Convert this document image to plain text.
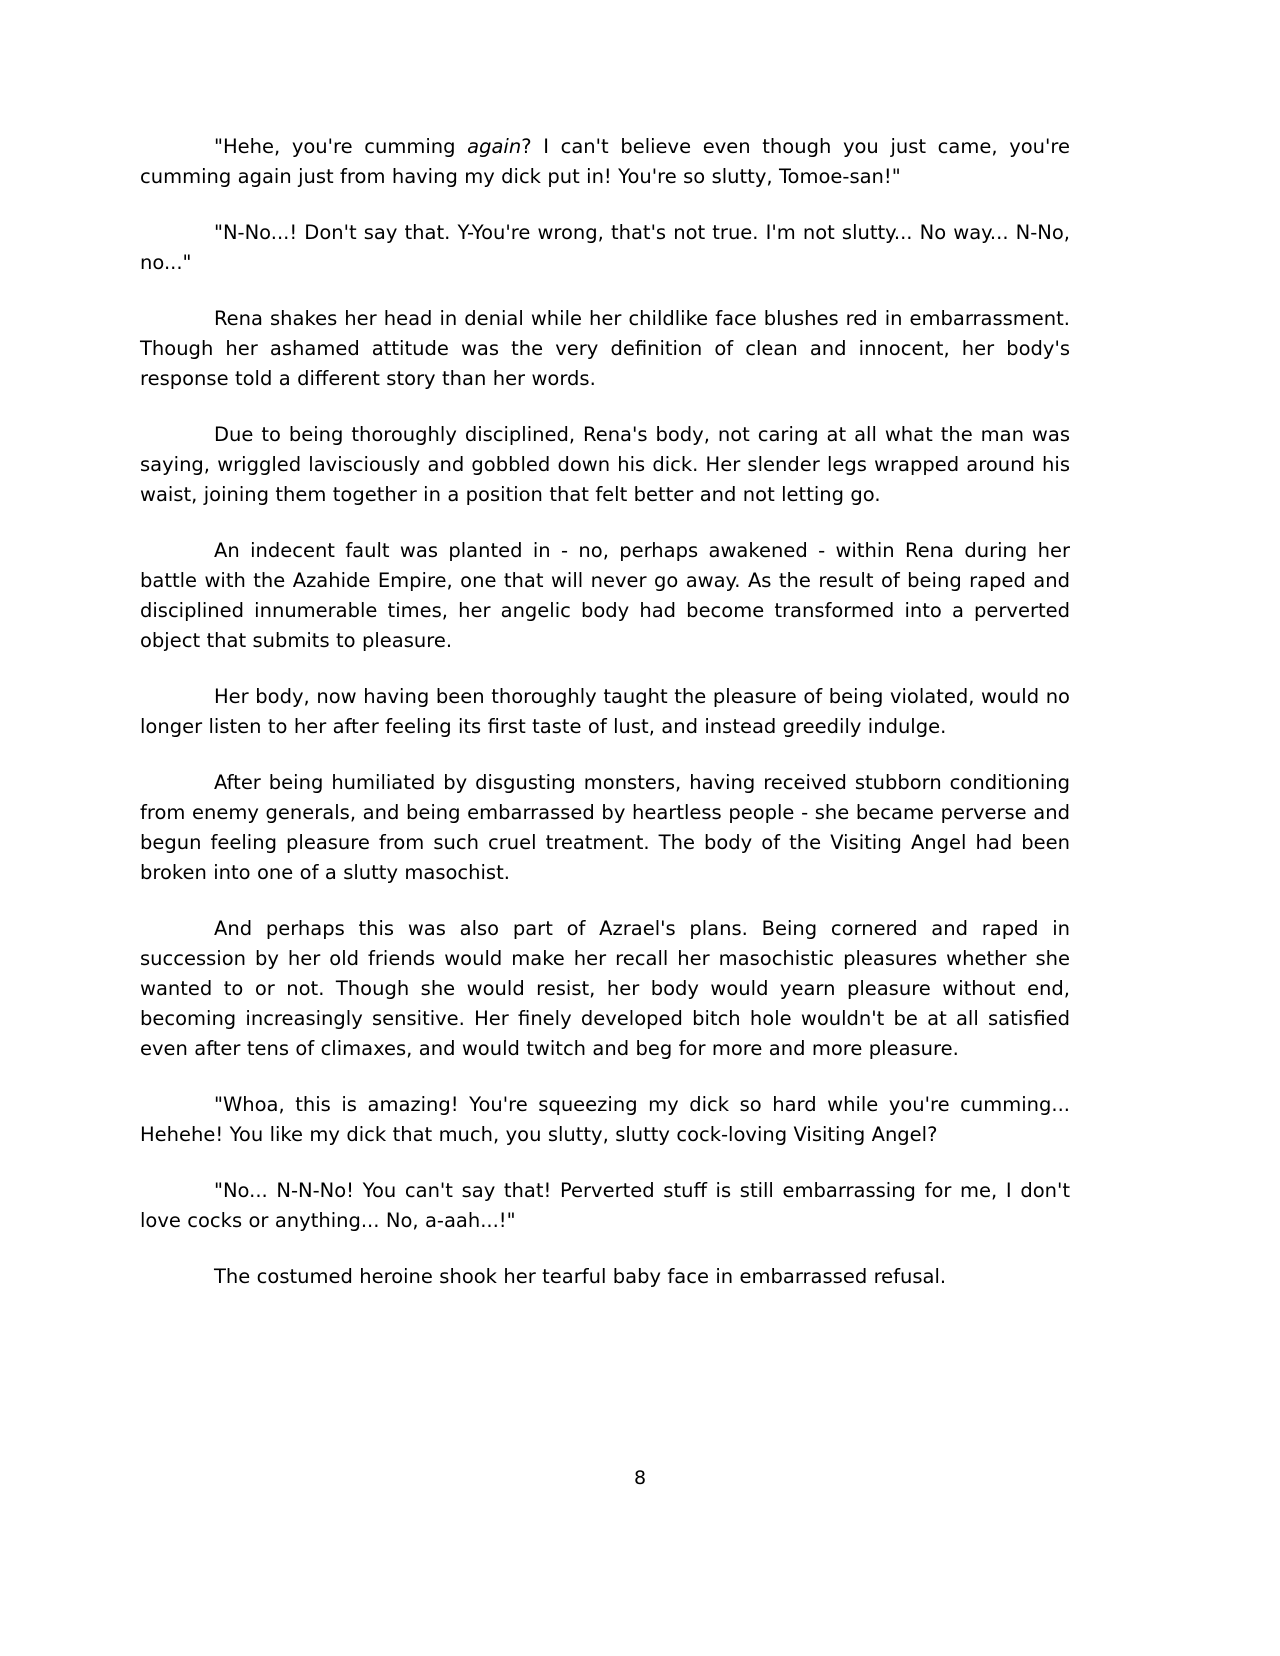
"Hehe, you're cumming again? I can't believe even though you just came, you're cumming again just from having my dick put in! You're so slutty, Tomoe-san!"

"N-No...! Don't say that. Y-You're wrong, that's not true. I'm not slutty... No way... N-No, no..."

Rena shakes her head in denial while her childlike face blushes red in embarrassment. Though her ashamed attitude was the very definition of clean and innocent, her body's response told a different story than her words.

Due to being thoroughly disciplined, Rena's body, not caring at all what the man was saying, wriggled lavisciously and gobbled down his dick. Her slender legs wrapped around his waist, joining them together in a position that felt better and not letting go.

An indecent fault was planted in - no, perhaps awakened - within Rena during her battle with the Azahide Empire, one that will never go away. As the result of being raped and disciplined innumerable times, her angelic body had become transformed into a perverted object that submits to pleasure.

Her body, now having been thoroughly taught the pleasure of being violated, would no longer listen to her after feeling its first taste of lust, and instead greedily indulge.

After being humiliated by disgusting monsters, having received stubborn conditioning from enemy generals, and being embarrassed by heartless people - she became perverse and begun feeling pleasure from such cruel treatment. The body of the Visiting Angel had been broken into one of a slutty masochist.

And perhaps this was also part of Azrael's plans. Being cornered and raped in succession by her old friends would make her recall her masochistic pleasures whether she wanted to or not. Though she would resist, her body would yearn pleasure without end, becoming increasingly sensitive. Her finely developed bitch hole wouldn't be at all satisfied even after tens of climaxes, and would twitch and beg for more and more pleasure.

"Whoa, this is amazing! You're squeezing my dick so hard while you're cumming... Hehehe! You like my dick that much, you slutty, slutty cock-loving Visiting Angel?

"No... N-N-No! You can't say that! Perverted stuff is still embarrassing for me, I don't love cocks or anything... No, a-aah...!"

The costumed heroine shook her tearful baby face in embarrassed refusal.

8
